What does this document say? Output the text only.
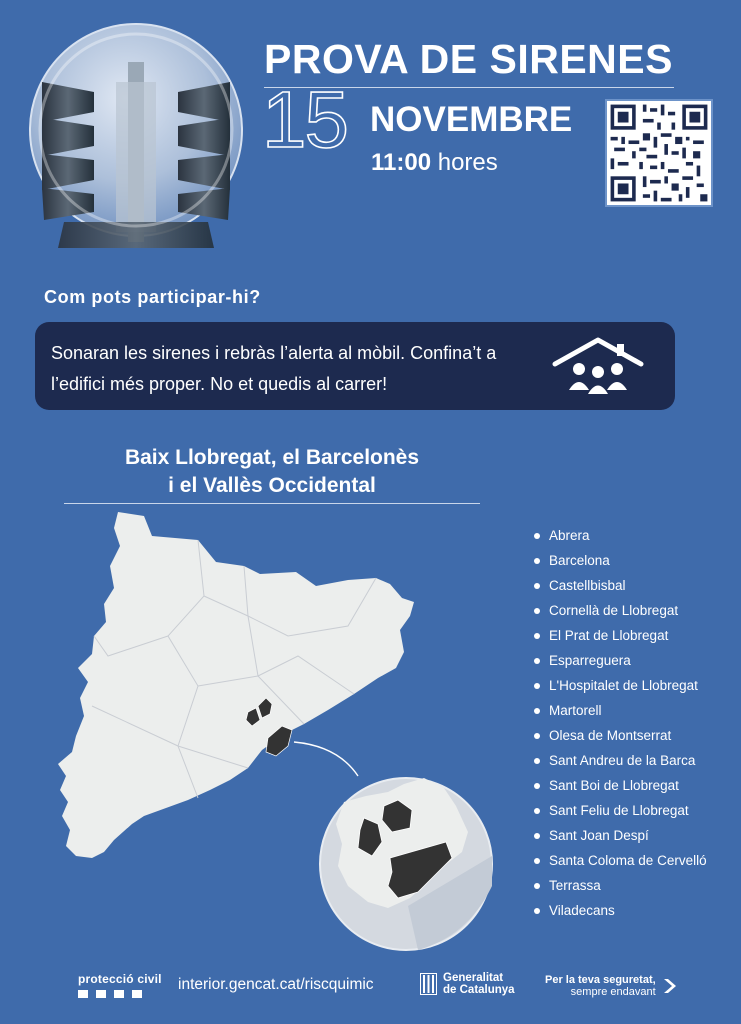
PROVA DE SIRENES
15 NOVEMBRE
11:00 hores
Com pots participar-hi?
Sonaran les sirenes i rebràs l’alerta al mòbil. Confina’t a l’edifici més proper. No et quedis al carrer!
Baix Llobregat, el Barcelonès
i el Vallès Occidental
Abrera
Barcelona
Castellbisbal
Cornellà de Llobregat
El Prat de Llobregat
Esparreguera
L'Hospitalet de Llobregat
Martorell
Olesa de Montserrat
Sant Andreu de la Barca
Sant Boi de Llobregat
Sant Feliu de Llobregat
Sant Joan Despí
Santa Coloma de Cervelló
Terrassa
Viladecans
protecció civil interior.gencat.cat/riscquimic	Generalitat
de Catalunya
Per la teva seguretat,
sempre endavant
